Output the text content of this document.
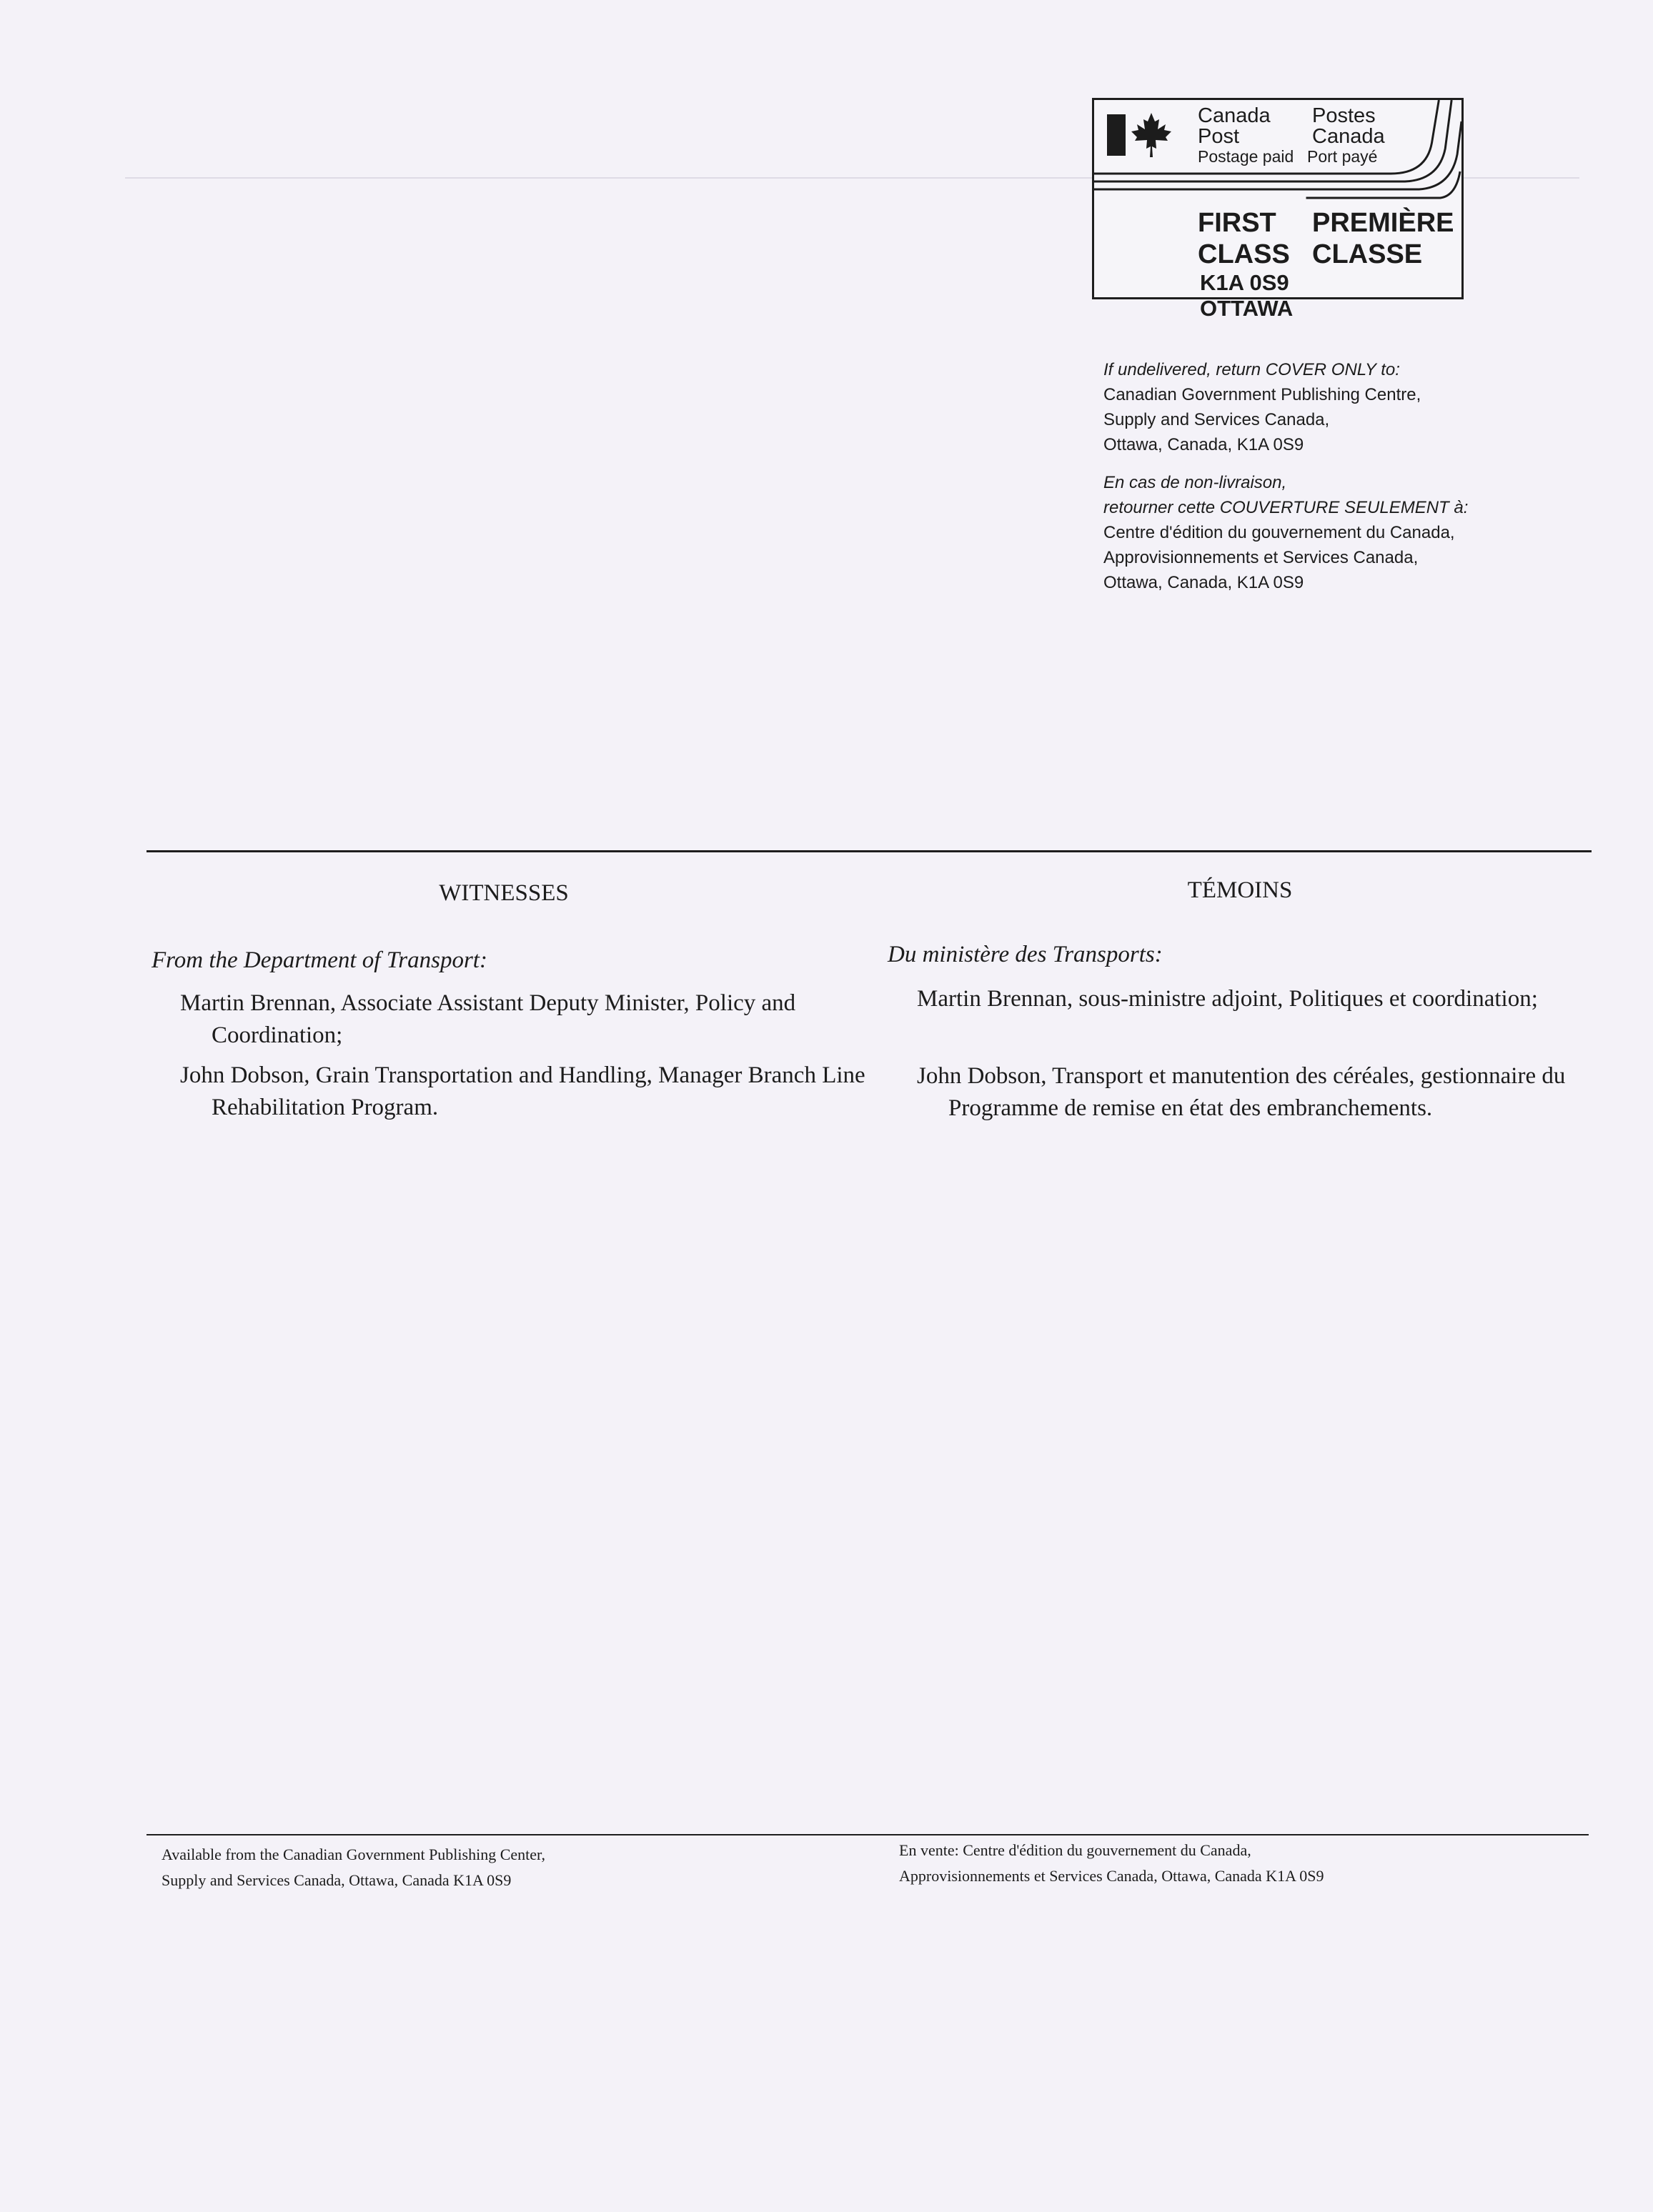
Canada
Post
Postes
Canada
Postage paid Port payé
FIRST
CLASS
PREMIÈRE
CLASSE
K1A 0S9
OTTAWA
If undelivered, return COVER ONLY to:
Canadian Government Publishing Centre,
Supply and Services Canada,
Ottawa, Canada, K1A 0S9
En cas de non-livraison,
retourner cette COUVERTURE SEULEMENT à:
Centre d'édition du gouvernement du Canada,
Approvisionnements et Services Canada,
Ottawa, Canada, K1A 0S9
WITNESSES
From the Department of Transport:
Martin Brennan, Associate Assistant Deputy Minister, Policy and Coordination;
John Dobson, Grain Transportation and Handling, Manager Branch Line Rehabilitation Program.
TÉMOINS
Du ministère des Transports:
Martin Brennan, sous-ministre adjoint, Politiques et coordination;
John Dobson, Transport et manutention des céréales, gestionnaire du Programme de remise en état des embranchements.
Available from the Canadian Government Publishing Center,
Supply and Services Canada, Ottawa, Canada K1A 0S9
En vente: Centre d'édition du gouvernement du Canada,
Approvisionnements et Services Canada, Ottawa, Canada K1A 0S9
